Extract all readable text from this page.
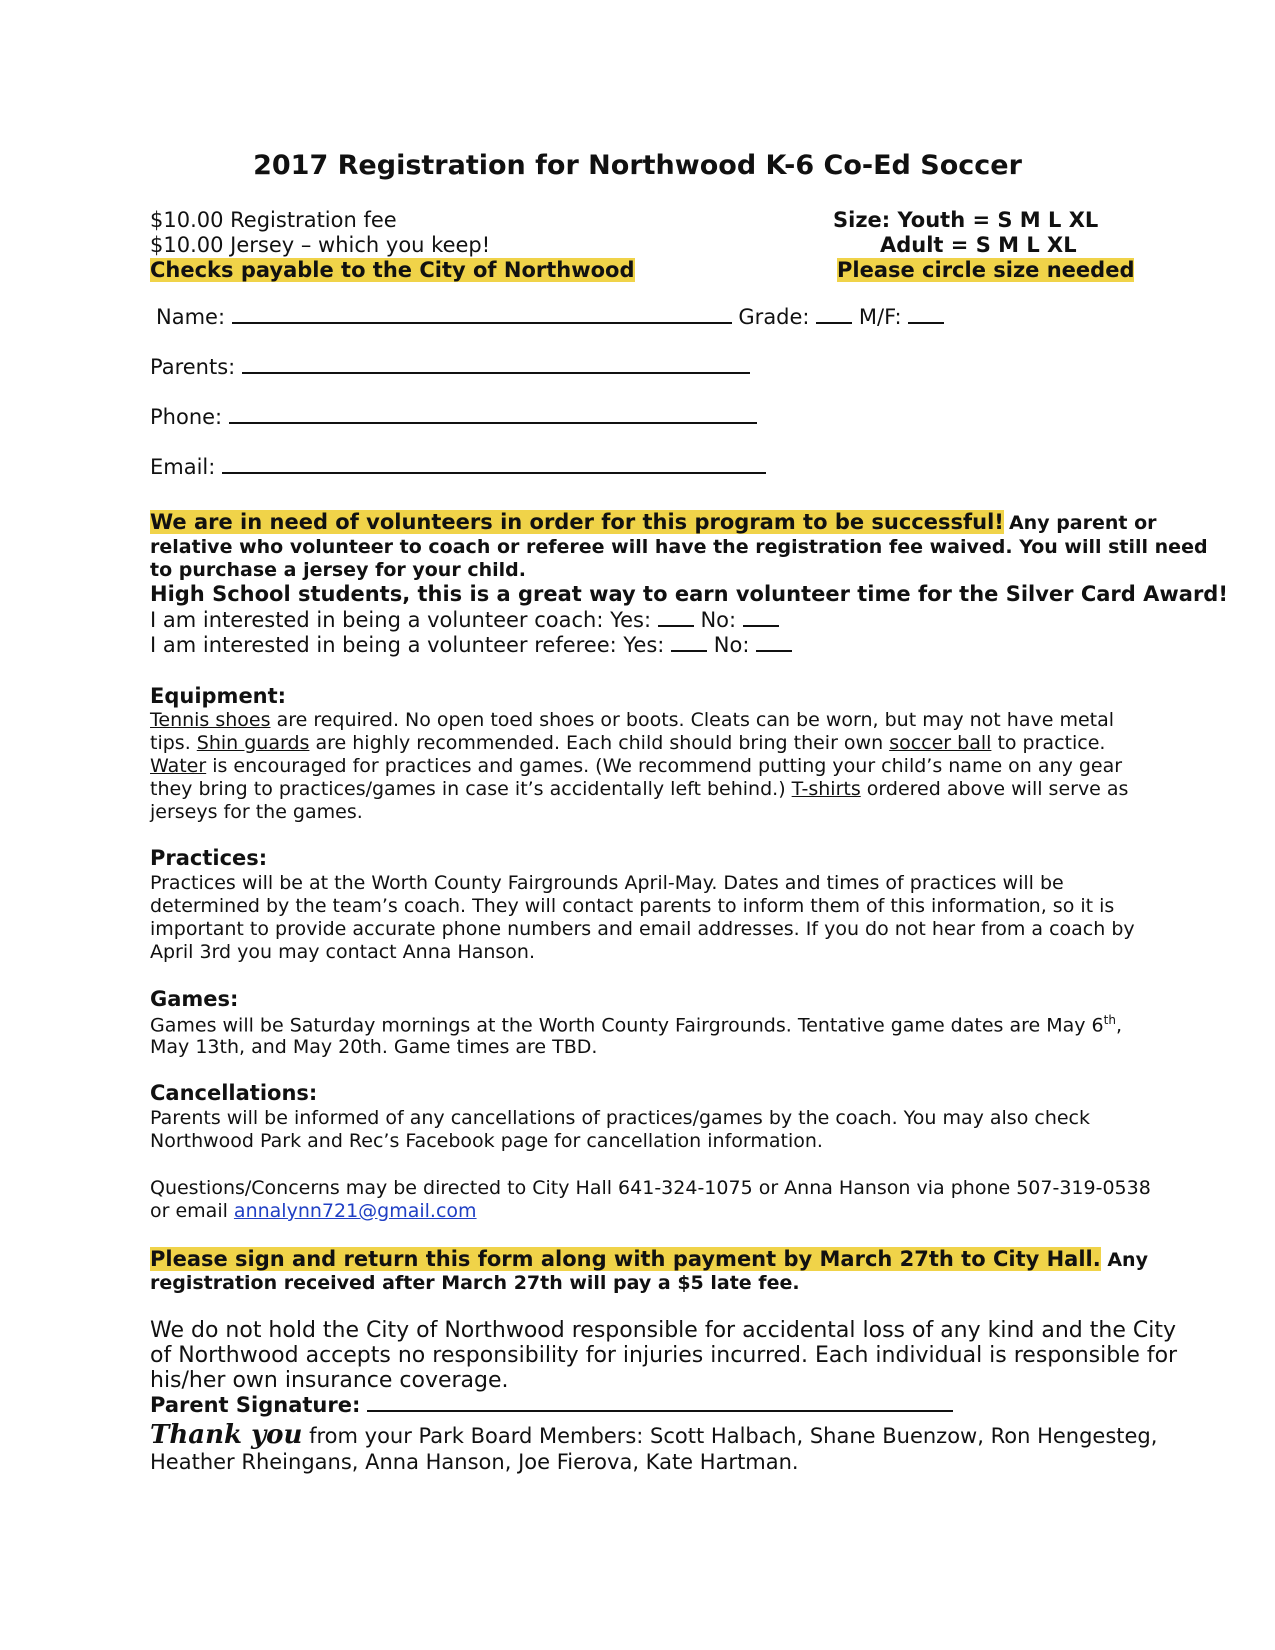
2017 Registration for Northwood K-6 Co-Ed Soccer
$10.00 Registration fee
$10.00 Jersey – which you keep!
Checks payable to the City of Northwood
Size: Youth = S M L XL
Adult = S M L XL
Please circle size needed
Name:	Grade: M/F:
Parents:
Phone:
Email:
We are in need of volunteers in order for this program to be successful! Any parent or
relative who volunteer to coach or referee will have the registration fee waived. You will still need
to purchase a jersey for your child.
High School students, this is a great way to earn volunteer time for the Silver Card Award!
I am interested in being a volunteer coach: Yes: No:
I am interested in being a volunteer referee: Yes: No:
Equipment:
Tennis shoes are required. No open toed shoes or boots. Cleats can be worn, but may not have metal
tips. Shin guards are highly recommended. Each child should bring their own soccer ball to practice.
Water is encouraged for practices and games. (We recommend putting your child’s name on any gear
they bring to practices/games in case it’s accidentally left behind.) T-shirts ordered above will serve as
jerseys for the games.
Practices:
Practices will be at the Worth County Fairgrounds April-May. Dates and times of practices will be
determined by the team’s coach. They will contact parents to inform them of this information, so it is
important to provide accurate phone numbers and email addresses. If you do not hear from a coach by
April 3rd you may contact Anna Hanson.
Games:
Games will be Saturday mornings at the Worth County Fairgrounds. Tentative game dates are May 6th,
May 13th, and May 20th. Game times are TBD.
Cancellations:
Parents will be informed of any cancellations of practices/games by the coach. You may also check
Northwood Park and Rec’s Facebook page for cancellation information.
Questions/Concerns may be directed to City Hall 641-324-1075 or Anna Hanson via phone 507-319-0538
or email annalynn721@gmail.com
Please sign and return this form along with payment by March 27th to City Hall. Any
registration received after March 27th will pay a $5 late fee.
We do not hold the City of Northwood responsible for accidental loss of any kind and the City
of Northwood accepts no responsibility for injuries incurred. Each individual is responsible for
his/her own insurance coverage.
Parent Signature:
Thank you from your Park Board Members: Scott Halbach, Shane Buenzow, Ron Hengesteg,
Heather Rheingans, Anna Hanson, Joe Fierova, Kate Hartman.
